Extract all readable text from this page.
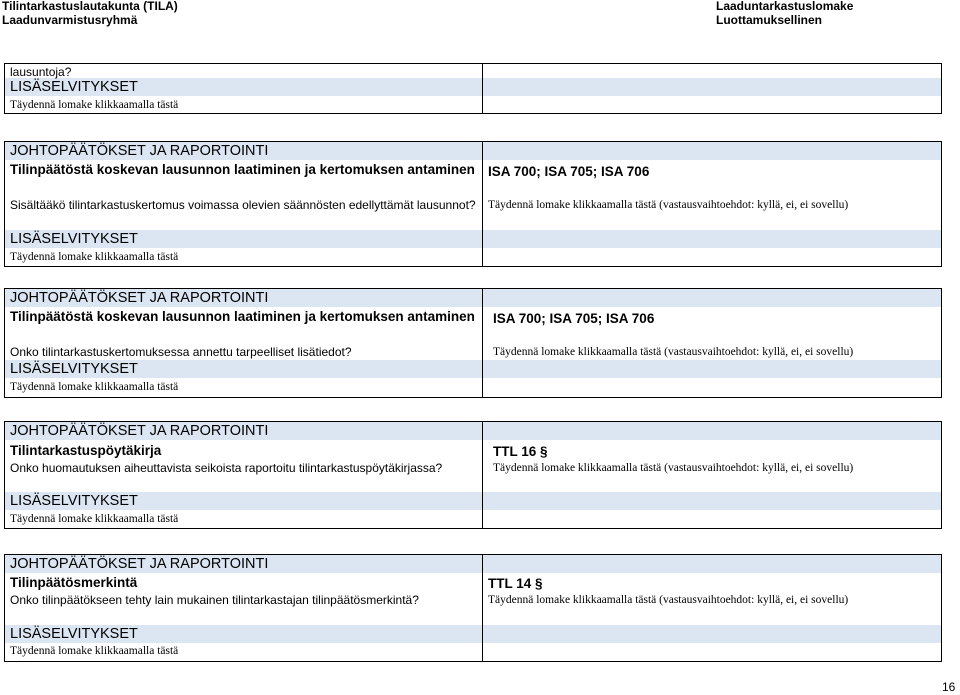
Tilintarkastuslautakunta (TILA)
Laadunvarmistusryhmä
Laaduntarkastuslomake
Luottamuksellinen
lausuntoja?
LISÄSELVITYKSET
Täydennä lomake klikkaamalla tästä
JOHTOPÄÄTÖKSET JA RAPORTOINTI
Tilinpäätöstä koskevan lausunnon laatiminen ja kertomuksen antaminen
Sisältääkö tilintarkastuskertomus voimassa olevien säännösten edellyttämät lausunnot?
LISÄSELVITYKSET
Täydennä lomake klikkaamalla tästä
ISA 700; ISA 705; ISA 706
Täydennä lomake klikkaamalla tästä (vastausvaihtoehdot: kyllä, ei, ei sovellu)
JOHTOPÄÄTÖKSET JA RAPORTOINTI
Tilinpäätöstä koskevan lausunnon laatiminen ja kertomuksen antaminen
Onko tilintarkastuskertomuksessa annettu tarpeelliset lisätiedot?
LISÄSELVITYKSET
Täydennä lomake klikkaamalla tästä
ISA 700; ISA 705; ISA 706
Täydennä lomake klikkaamalla tästä (vastausvaihtoehdot: kyllä, ei, ei sovellu)
JOHTOPÄÄTÖKSET JA RAPORTOINTI
Tilintarkastuspöytäkirja
Onko huomautuksen aiheuttavista seikoista raportoitu tilintarkastuspöytäkirjassa?
LISÄSELVITYKSET
Täydennä lomake klikkaamalla tästä
TTL 16 §
Täydennä lomake klikkaamalla tästä (vastausvaihtoehdot: kyllä, ei, ei sovellu)
JOHTOPÄÄTÖKSET JA RAPORTOINTI
Tilinpäätösmerkintä
Onko tilinpäätökseen tehty lain mukainen tilintarkastajan tilinpäätösmerkintä?
LISÄSELVITYKSET
Täydennä lomake klikkaamalla tästä
TTL 14 §
Täydennä lomake klikkaamalla tästä (vastausvaihtoehdot: kyllä, ei, ei sovellu)
16
